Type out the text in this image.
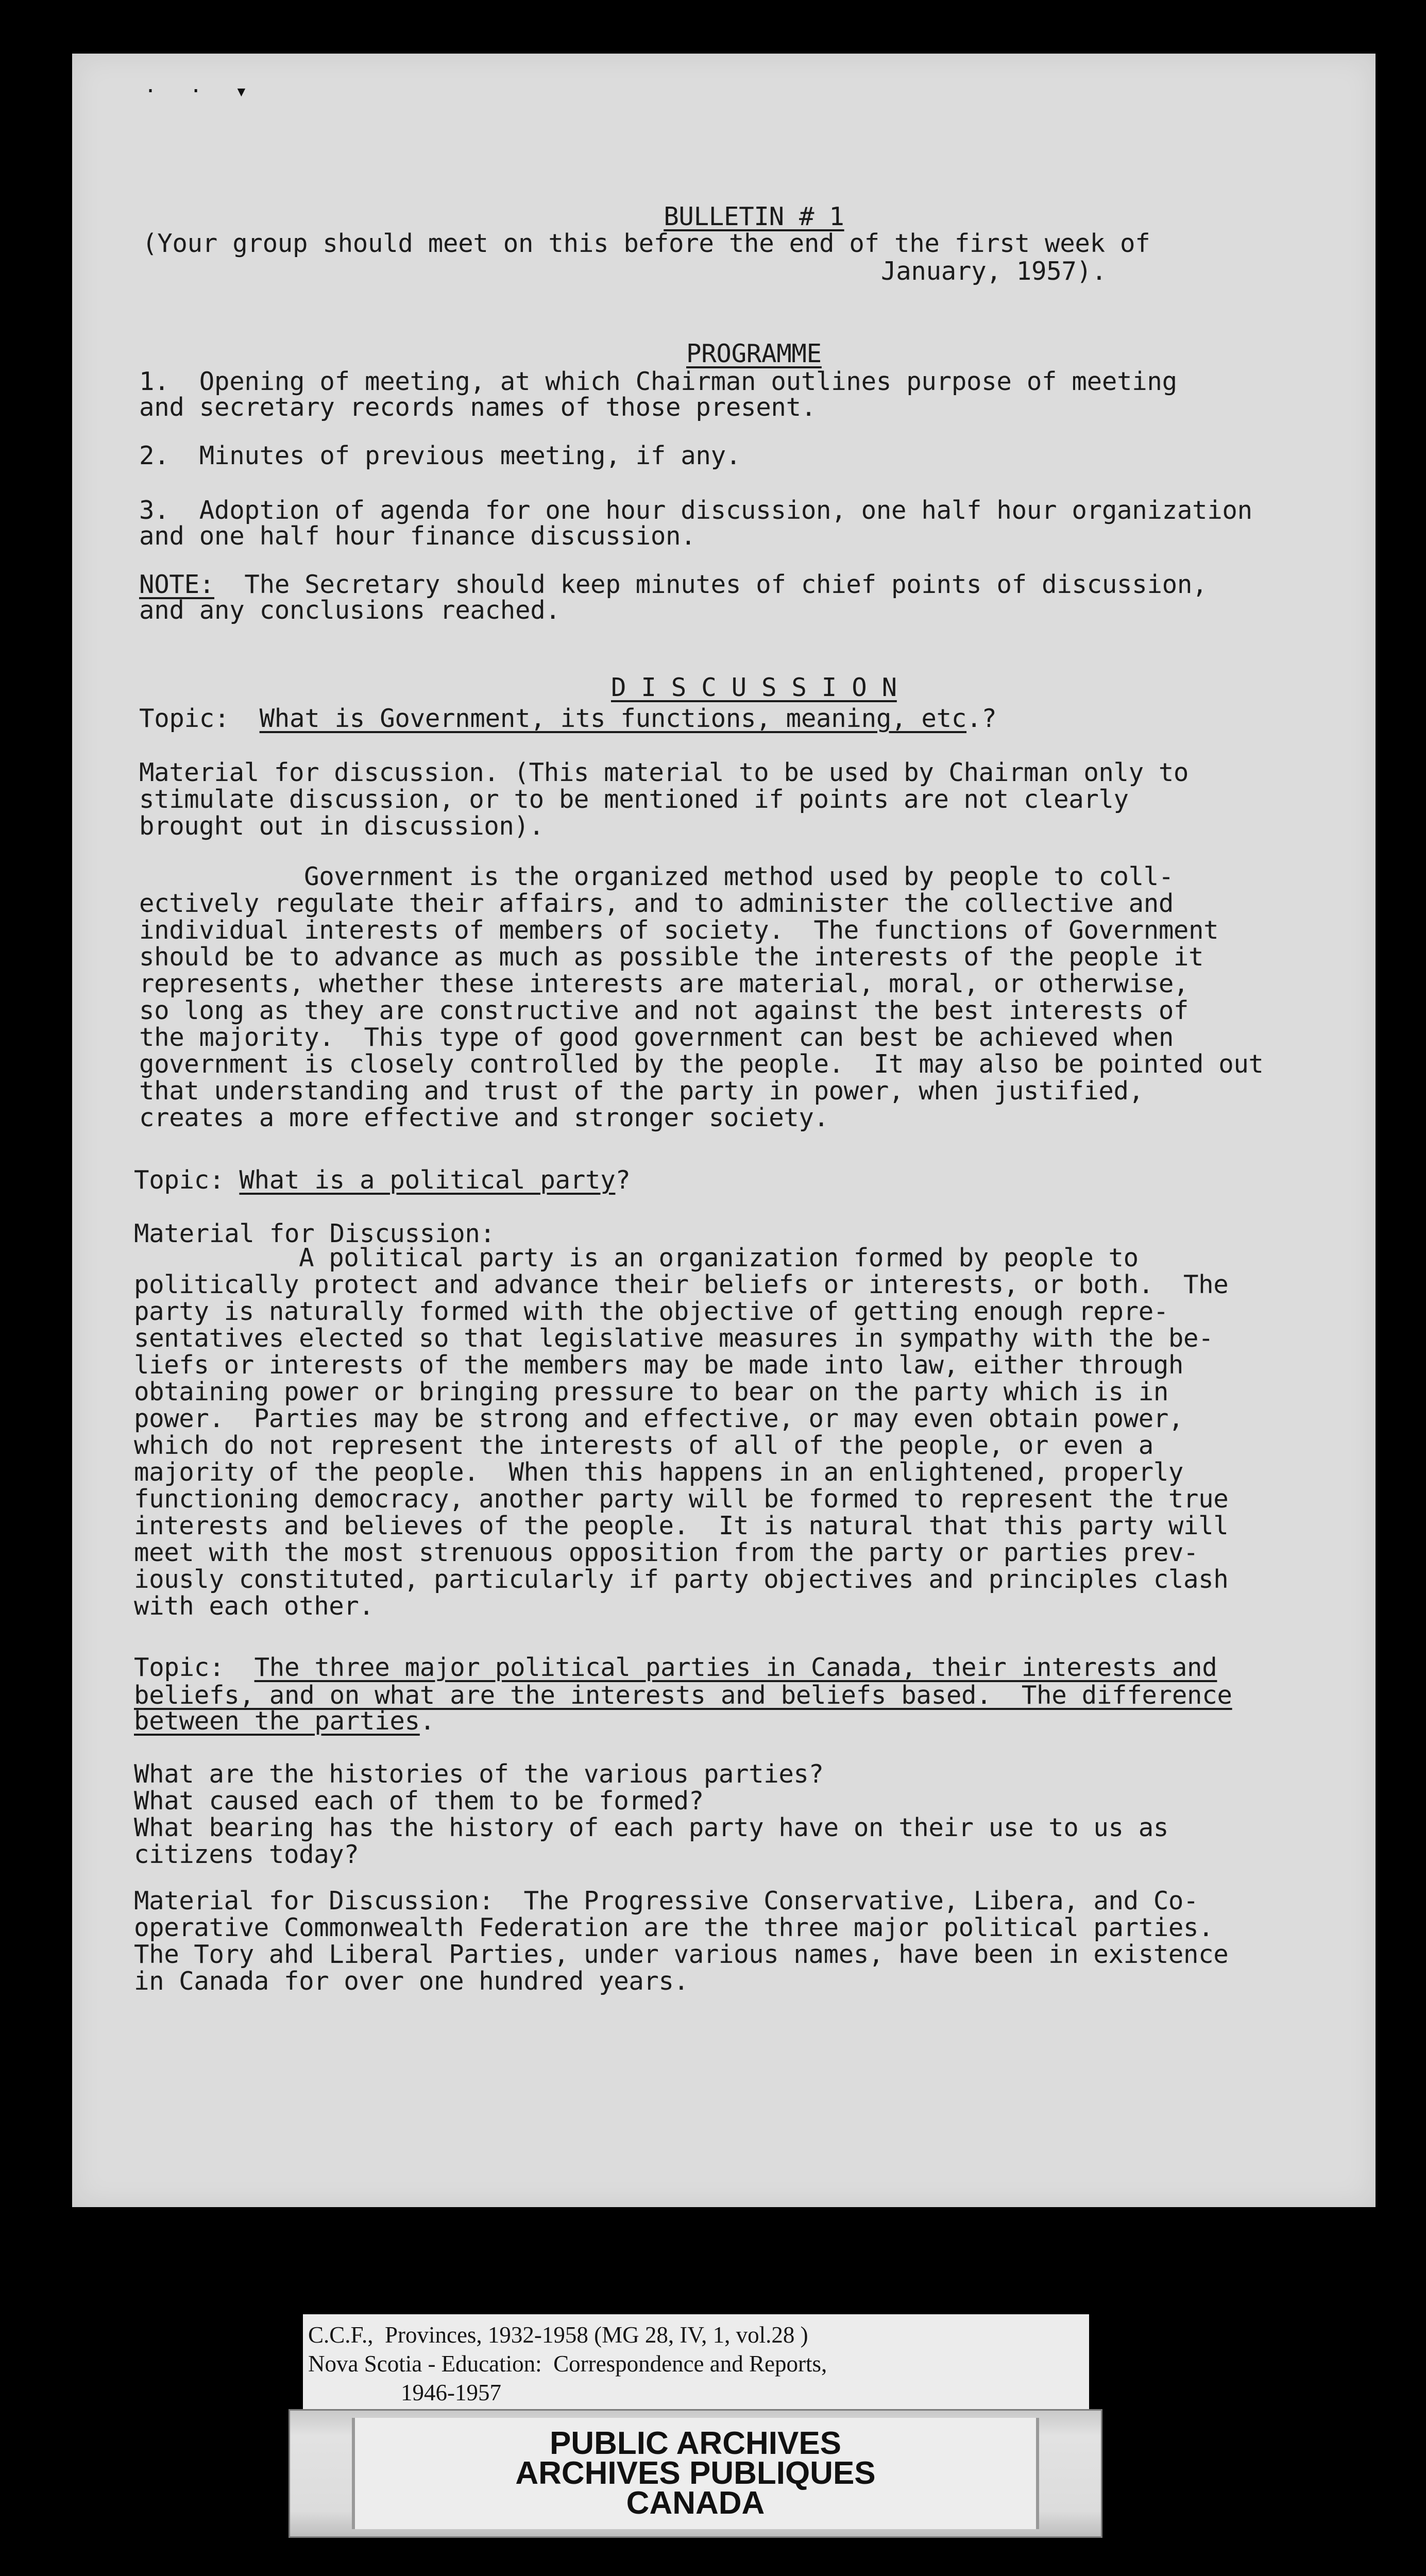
· · ▾

BULLETIN # 1

(Your group should meet on this before the end of the first week of
January, 1957).

PROGRAMME

1.  Opening of meeting, at which Chairman outlines purpose of meeting
and secretary records names of those present.
2.  Minutes of previous meeting, if any.
3.  Adoption of agenda for one hour discussion, one half hour organization
and one half hour finance discussion.
NOTE:  The Secretary should keep minutes of chief points of discussion,
and any conclusions reached.

D I S C U S S I O N

Topic:  What is Government, its functions, meaning, etc.?
Material for discussion. (This material to be used by Chairman only to
stimulate discussion, or to be mentioned if points are not clearly
brought out in discussion).
Government is the organized method used by people to coll-
ectively regulate their affairs, and to administer the collective and
individual interests of members of society.  The functions of Government
should be to advance as much as possible the interests of the people it
represents, whether these interests are material, moral, or otherwise,
so long as they are constructive and not against the best interests of
the majority.  This type of good government can best be achieved when
government is closely controlled by the people.  It may also be pointed out
that understanding and trust of the party in power, when justified,
creates a more effective and stronger society.
Topic: What is a political party?
Material for Discussion:
A political party is an organization formed by people to
politically protect and advance their beliefs or interests, or both.  The
party is naturally formed with the objective of getting enough repre-
sentatives elected so that legislative measures in sympathy with the be-
liefs or interests of the members may be made into law, either through
obtaining power or bringing pressure to bear on the party which is in
power.  Parties may be strong and effective, or may even obtain power,
which do not represent the interests of all of the people, or even a
majority of the people.  When this happens in an enlightened, properly
functioning democracy, another party will be formed to represent the true
interests and believes of the people.  It is natural that this party will
meet with the most strenuous opposition from the party or parties prev-
iously constituted, particularly if party objectives and principles clash
with each other.
Topic:  The three major political parties in Canada, their interests and
beliefs, and on what are the interests and beliefs based.  The difference
between the parties.
What are the histories of the various parties?
What caused each of them to be formed?
What bearing has the history of each party have on their use to us as
citizens today?
Material for Discussion:  The Progressive Conservative, Libera, and Co-
operative Commonwealth Federation are the three major political parties.
The Tory ahd Liberal Parties, under various names, have been in existence
in Canada for over one hundred years.
C.C.F.,  Provinces, 1932-1958 (MG 28, IV, 1, vol.28 )
Nova Scotia - Education:  Correspondence and Reports,
1946-1957
PUBLIC ARCHIVES
ARCHIVES PUBLIQUES
CANADA
